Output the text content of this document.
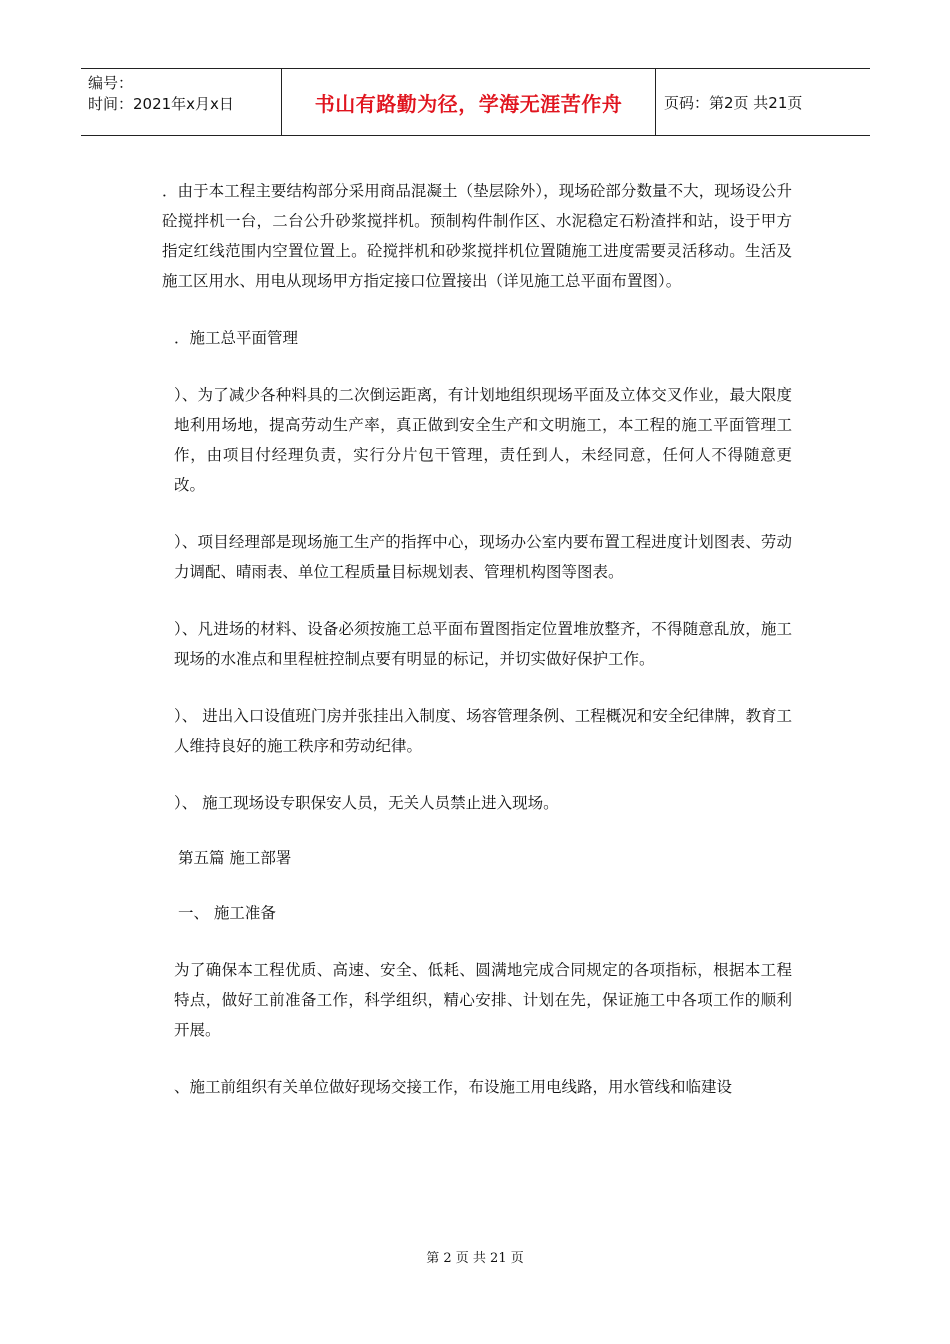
编号：
时间：2021年x月x日	书山有路勤为径，学海无涯苦作舟	页码：第2页 共21页

．由于本工程主要结构部分采用商品混凝土（垫层除外），现场砼部分数量不大，现场设公升砼搅拌机一台，二台公升砂浆搅拌机。预制构件制作区、水泥稳定石粉渣拌和站，设于甲方指定红线范围内空置位置上。砼搅拌机和砂浆搅拌机位置随施工进度需要灵活移动。生活及施工区用水、用电从现场甲方指定接口位置接出（详见施工总平面布置图）。

．施工总平面管理

）、为了减少各种料具的二次倒运距离，有计划地组织现场平面及立体交叉作业，最大限度地利用场地，提高劳动生产率，真正做到安全生产和文明施工，本工程的施工平面管理工作，由项目付经理负责，实行分片包干管理，责任到人，未经同意，任何人不得随意更改。

）、项目经理部是现场施工生产的指挥中心，现场办公室内要布置工程进度计划图表、劳动力调配、晴雨表、单位工程质量目标规划表、管理机构图等图表。

）、凡进场的材料、设备必须按施工总平面布置图指定位置堆放整齐，不得随意乱放，施工现场的水准点和里程桩控制点要有明显的标记，并切实做好保护工作。

）、 进出入口设值班门房并张挂出入制度、场容管理条例、工程概况和安全纪律牌，教育工人维持良好的施工秩序和劳动纪律。

）、 施工现场设专职保安人员，无关人员禁止进入现场。

第五篇 施工部署

一、 施工准备

为了确保本工程优质、高速、安全、低耗、圆满地完成合同规定的各项指标，根据本工程特点，做好工前准备工作，科学组织，精心安排、计划在先，保证施工中各项工作的顺利开展。

、施工前组织有关单位做好现场交接工作，布设施工用电线路，用水管线和临建设

第 2 页 共 21 页
